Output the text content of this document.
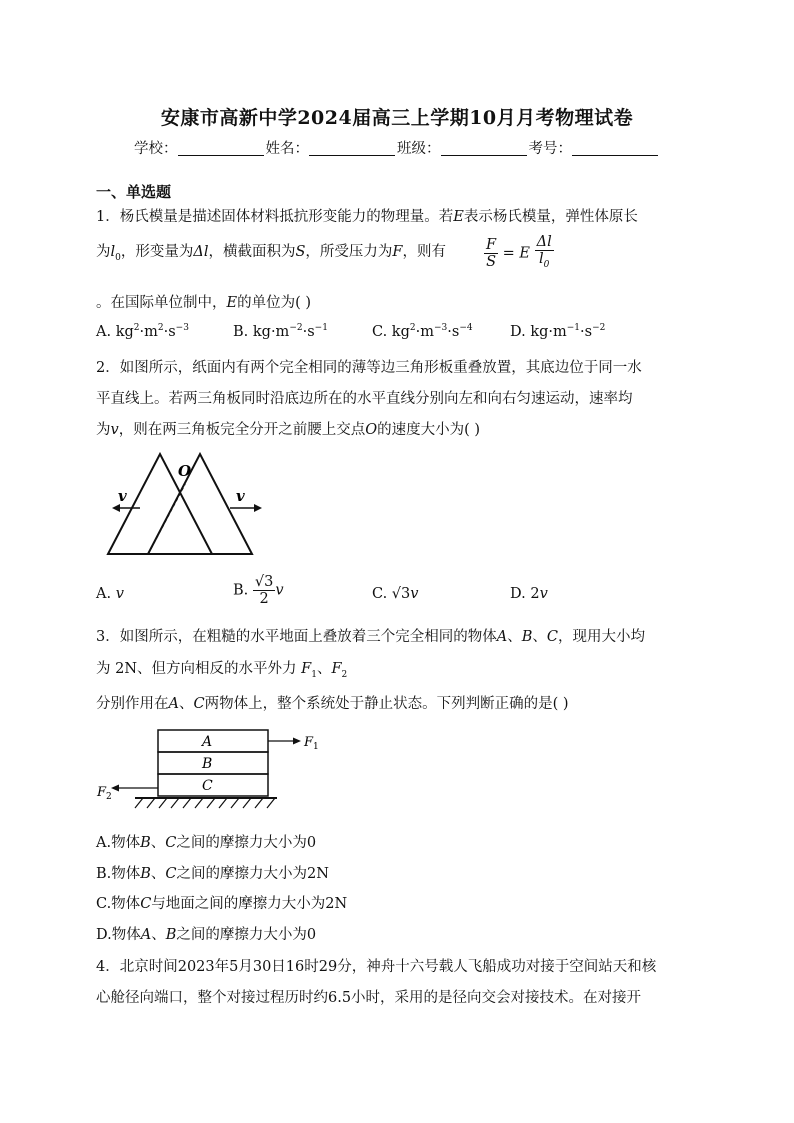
安康市高新中学2024届高三上学期10月月考物理试卷
学校：	姓名：	班级：	考号：
一、单选题
1．杨氏模量是描述固体材料抵抗形变能力的物理量。若E表示杨氏模量，弹性体原长
为$l_0$，形变量为Δl，横截面积为S，所受压力为F，则有	$\frac{F}{S} = E \frac{\Delta l}{l_0}$
。在国际单位制中，E的单位为( )
A. $kg^2\cdot m^2\cdot s^{-3}$	B. $kg\cdot m^{-2}\cdot s^{-1}$	C. $kg^2\cdot m^{-3}\cdot s^{-4}$	D. $kg\cdot m^{-1}\cdot s^{-2}$
2．如图所示，纸面内有两个完全相同的薄等边三角形板重叠放置，其底边位于同一水
平直线上。若两三角板同时沿底边所在的水平直线分别向左和向右匀速运动，速率均
为v，则在两三角板完全分开之前腰上交点O的速度大小为( )
O
v	v
A. v	B. $\frac{√3}{2}$ v	C. √3v	D. 2v
3．如图所示，在粗糙的水平地面上叠放着三个完全相同的物体A、B、C，现用大小均
为 2N、但方向相反的水平外力 $F_1$、$F_2$
分别作用在A、C两物体上，整个系统处于静止状态。下列判断正确的是( )
A
B
C
$F_1$
$F_2$
A.物体B、C之间的摩擦力大小为0
B.物体B、C之间的摩擦力大小为2N
C.物体C与地面之间的摩擦力大小为2N
D.物体A、B之间的摩擦力大小为0
4．北京时间2023年5月30日16时29分，神舟十六号载人飞船成功对接于空间站天和核
心舱径向端口，整个对接过程历时约6.5小时，采用的是径向交会对接技术。在对接开
